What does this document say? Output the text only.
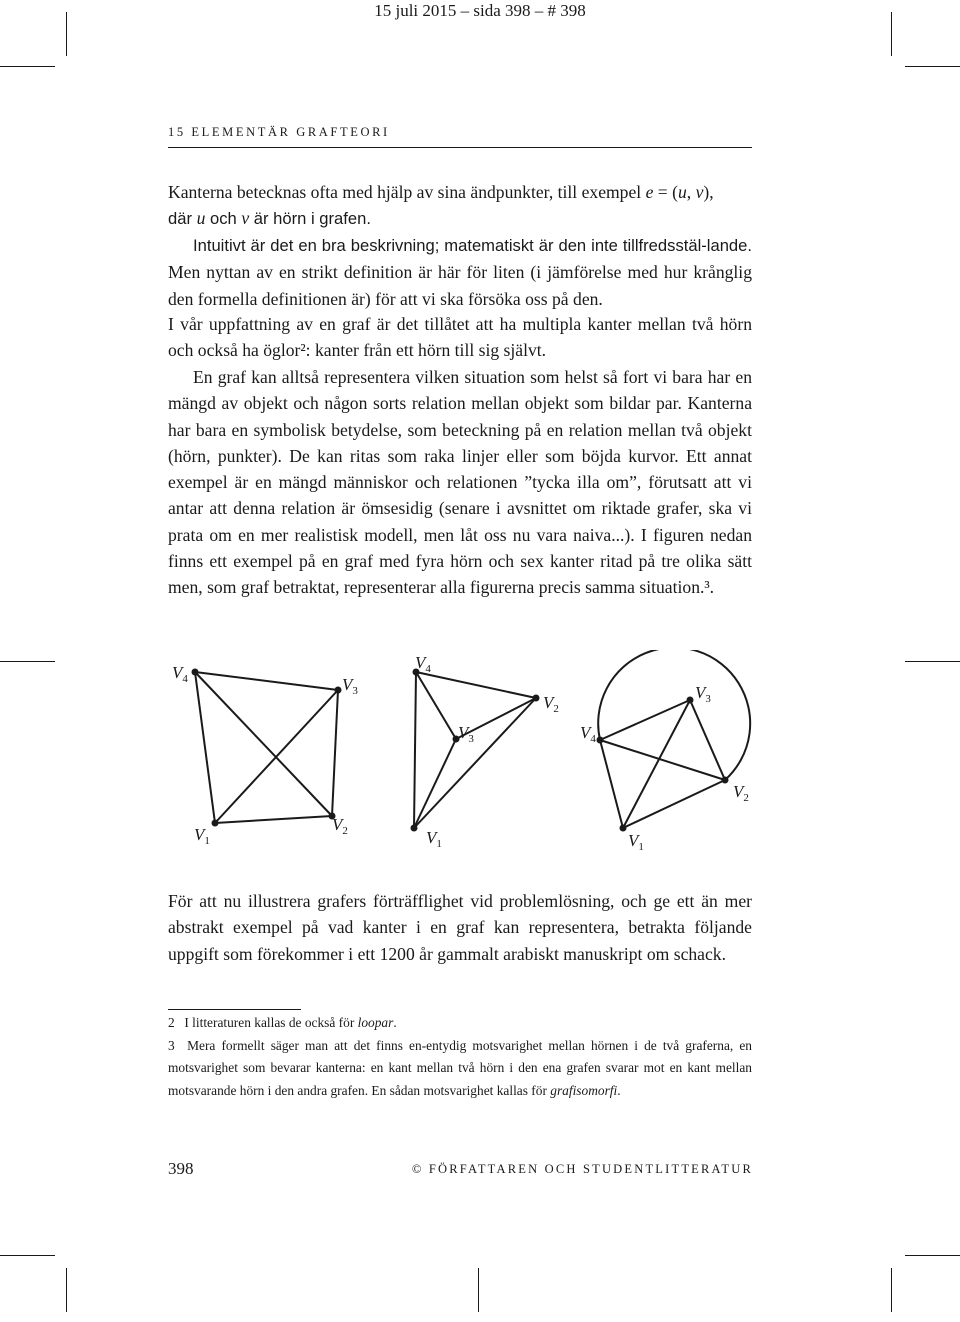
15 juli 2015 – sida 398 – # 398
15 ELEMENTÄR GRAFTEORI

Kanterna betecknas ofta med hjälp av sina ändpunkter, till exempel e = (u, v),
där u och v är hörn i grafen.

Intuitivt är det en bra beskrivning; matematiskt är den inte tillfredsstäl-lande. Men nyttan av en strikt definition är här för liten (i jämförelse med hur krånglig den formella definitionen är) för att vi ska försöka oss på den.

I vår uppfattning av en graf är det tillåtet att ha multipla kanter mellan två hörn och också ha öglor²: kanter från ett hörn till sig självt.

En graf kan alltså representera vilken situation som helst så fort vi bara har en mängd av objekt och någon sorts relation mellan objekt som bildar par. Kanterna har bara en symbolisk betydelse, som beteckning på en relation mellan två objekt (hörn, punkter). De kan ritas som raka linjer eller som böjda kurvor. Ett annat exempel är en mängd människor och relationen ”tycka illa om”, förutsatt att vi antar att denna relation är ömsesidig (senare i avsnittet om riktade grafer, ska vi prata om en mer realistisk modell, men låt oss nu vara naiva...). I figuren nedan finns ett exempel på en graf med fyra hörn och sex kanter ritad på tre olika sätt men, som graf betraktat, representerar alla figurerna precis samma situation.³.

$V_4$	$V_3$
$V_1$
$V_2$
$V_4$
$V_2$
$V_3$
$V_1$
$V_3$
$V_4$
$V_2$
$V_1$

För att nu illustrera grafers förträfflighet vid problemlösning, och ge ett än mer abstrakt exempel på vad kanter i en graf kan representera, betrakta följande uppgift som förekommer i ett 1200 år gammalt arabiskt manuskript om schack.

2 I litteraturen kallas de också för loopar.

3 Mera formellt säger man att det finns en-entydig motsvarighet mellan hörnen i de två graferna, en motsvarighet som bevarar kanterna: en kant mellan två hörn i den ena grafen svarar mot en kant mellan motsvarande hörn i den andra grafen. En sådan motsvarighet kallas för grafisomorfi.

398	© FÖRFATTAREN OCH STUDENTLITTERATUR
